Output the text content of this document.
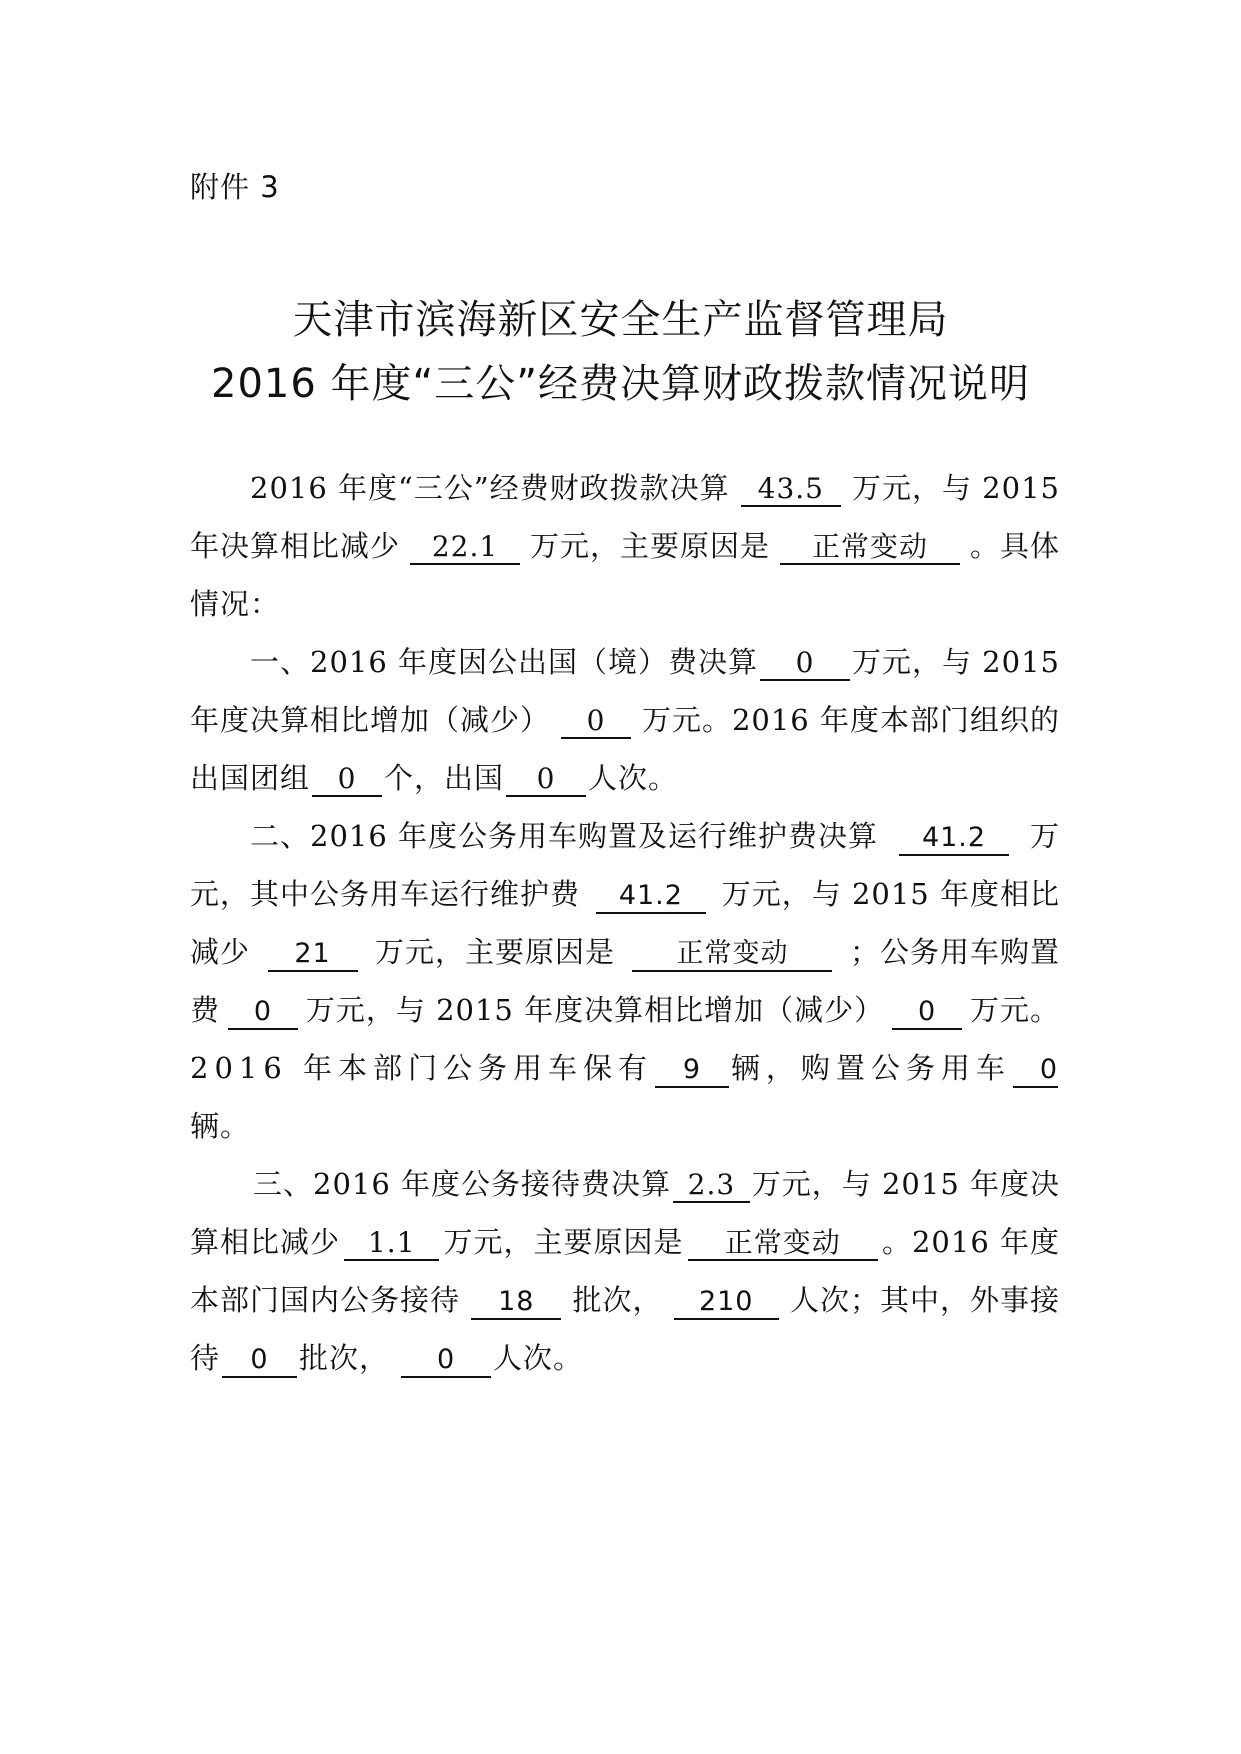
附件 3
天津市滨海新区安全生产监督管理局
2016 年度“三公”经费决算财政拨款情况说明
2016 年度“三公”经费财政拨款决算 43.5 万元，与 2015
年决算相比减少	22.1	万元，主要原因是	正常变动	。具体
情况：
一、2016 年度因公出国（境）费决算	0	万元，与 2015
年度决算相比增加（减少）	0	万元。2016 年度本部门组织的
出国团组 0 个，出国	0	人次。
二、2016 年度公务用车购置及运行维护费决算	41.2	万
元，其中公务用车运行维护费	41.2	万元，与 2015 年度相比
减少	21	万元，主要原因是	正常变动	；公务用车购置
费	0	万元，与 2015 年度决算相比增加（减少）	0	万元。
2016 年本部门公务用车保有	9	辆，购置公务用车	0
辆。
三、2016 年度公务接待费决算 2.3 万元，与 2015 年度决
算相比减少 1.1 万元，主要原因是	正常变动	。2016 年度
本部门国内公务接待	18	批次，	210	人次；其中，外事接
待	0	批次，	0	人次。
